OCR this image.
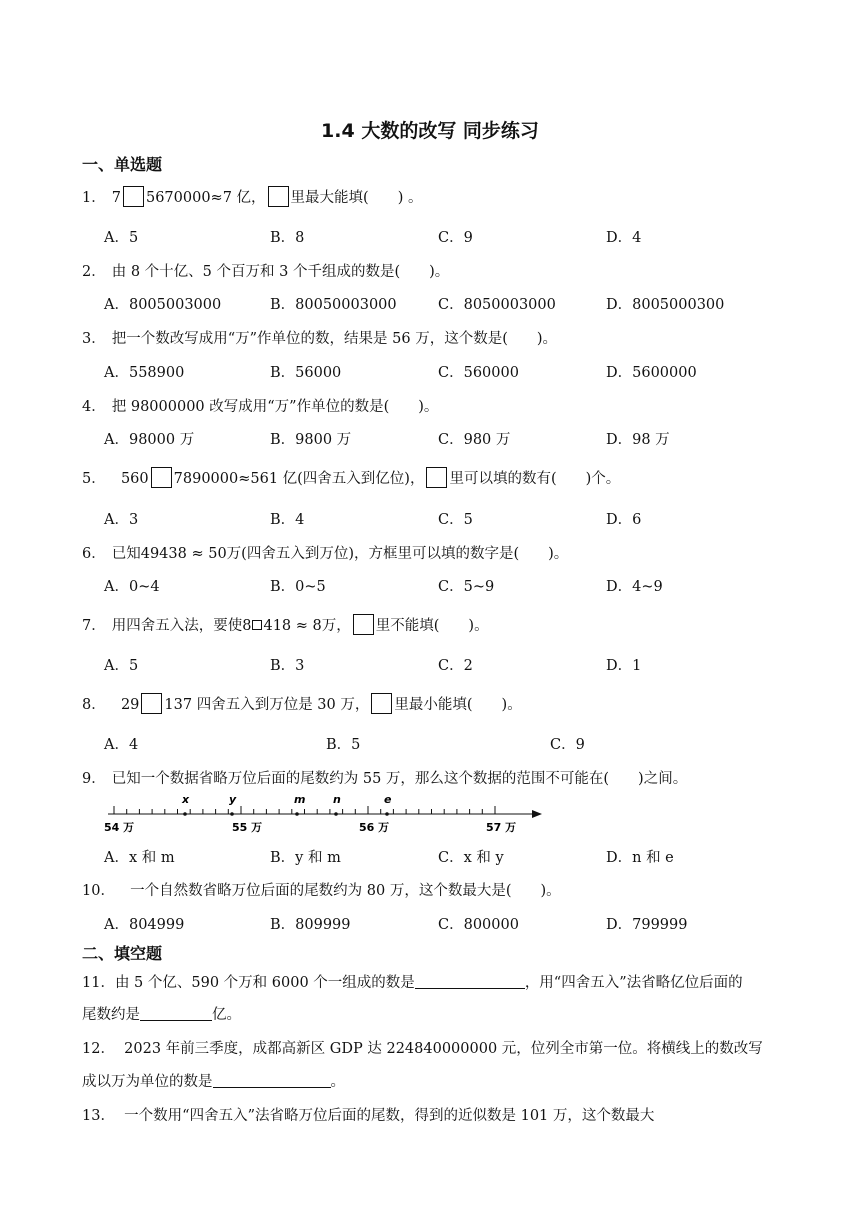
1.4 大数的改写 同步练习
一、单选题
1． 7 5670000≈7 亿， 里最大能填(　　) 。
A．5	B．8	C．9	D．4
2． 由 8 个十亿、5 个百万和 3 个千组成的数是(　　)。
A．8005003000	B．80050003000	C．8050003000	D．8005000300
3． 把一个数改写成用“万”作单位的数，结果是 56 万，这个数是(　　)。
A．558900	B．56000	C．560000	D．5600000
4． 把 98000000 改写成用“万”作单位的数是(　　)。
A．98000 万	B．9800 万	C．980 万	D．98 万
5． 560 7890000≈561 亿(四舍五入到亿位)， 里可以填的数有(　　)个。
A．3	B．4	C．5	D．6
6． 已知49438 ≈ 50万(四舍五入到万位)，方框里可以填的数字是(　　)。
A．0~4	B．0~5	C．5~9	D．4~9
7． 用四舍五入法，要使8 418 ≈ 8万， 里不能填(　　)。
A．5	B．3	C．2	D．1
8． 29 137 四舍五入到万位是 30 万， 里最小能填(　　)。
A．4	B．5	C．9
9． 已知一个数据省略万位后面的尾数约为 55 万，那么这个数据的范围不可能在(　　)之间。
54 万	55 万	56 万	57 万
x	y	m	n	e
A．x 和 m	B．y 和 m	C．x 和 y	D．n 和 e
10． 一个自然数省略万位后面的尾数约为 80 万，这个数最大是(　　)。
A．804999	B．809999	C．800000	D．799999
二、填空题
11．由 5 个亿、590 个万和 6000 个一组成的数是	，用“四舍五入”法省略亿位后面的
尾数约是	亿。
12． 2023 年前三季度，成都高新区 GDP 达 224840000000 元，位列全市第一位。将横线上的数改写
成以万为单位的数是	。
13． 一个数用“四舍五入”法省略万位后面的尾数，得到的近似数是 101 万，这个数最大
